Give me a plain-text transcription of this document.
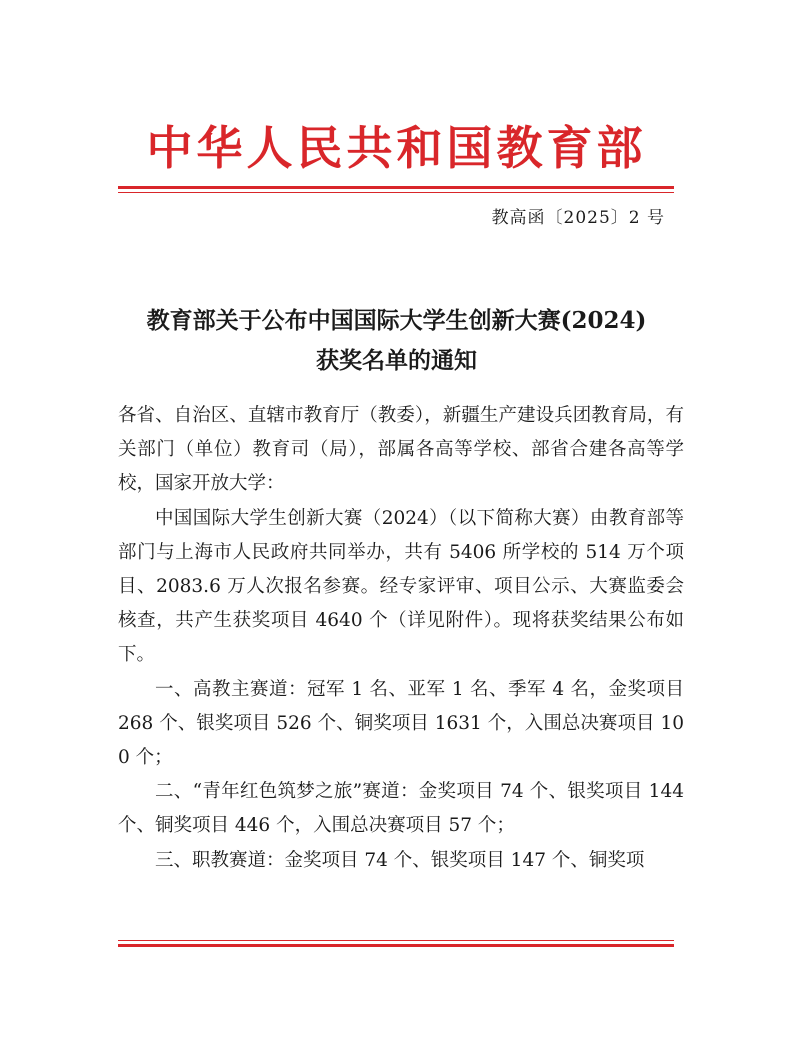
中华人民共和国教育部
教高函〔2025〕2 号
教育部关于公布中国国际大学生创新大赛(2024)
获奖名单的通知

各省、自治区、直辖市教育厅（教委），新疆生产建设兵团教育局，有关部门（单位）教育司（局），部属各高等学校、部省合建各高等学校，国家开放大学：

中国国际大学生创新大赛（2024）（以下简称大赛）由教育部等部门与上海市人民政府共同举办，共有 5406 所学校的 514 万个项目、2083.6 万人次报名参赛。经专家评审、项目公示、大赛监委会核查，共产生获奖项目 4640 个（详见附件）。现将获奖结果公布如下。

一、高教主赛道：冠军 1 名、亚军 1 名、季军 4 名，金奖项目 268 个、银奖项目 526 个、铜奖项目 1631 个，入围总决赛项目 100 个；

二、“青年红色筑梦之旅”赛道：金奖项目 74 个、银奖项目 144 个、铜奖项目 446 个，入围总决赛项目 57 个；

三、职教赛道：金奖项目 74 个、银奖项目 147 个、铜奖项
